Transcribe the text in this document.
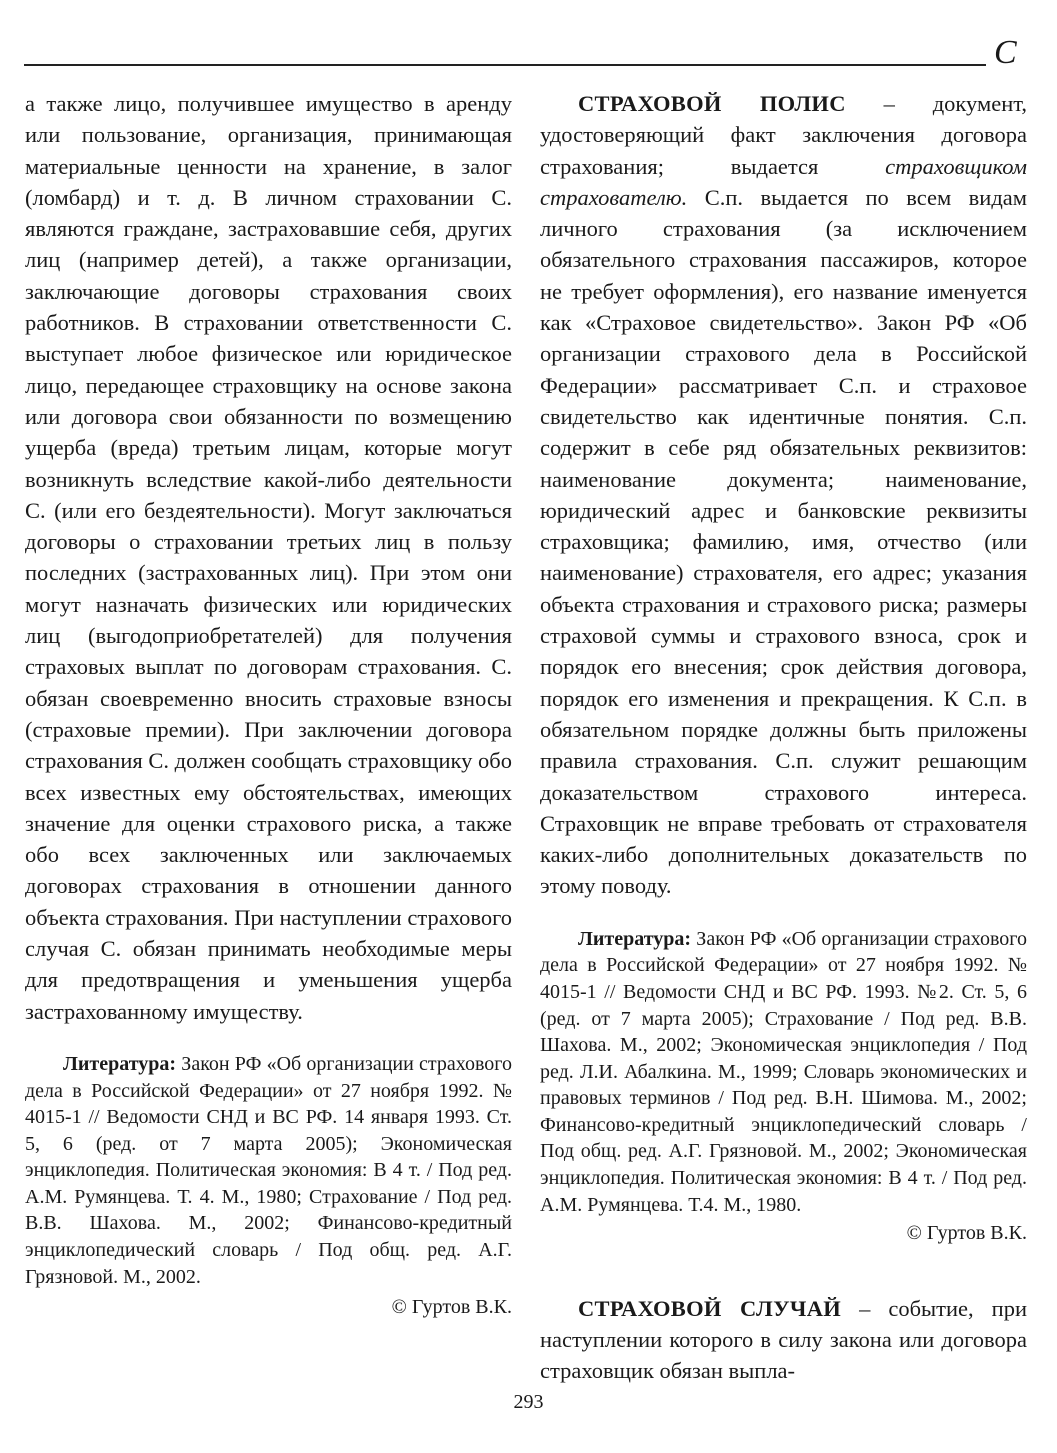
C

а также лицо, получившее имущество в аренду или пользование, организация, принимающая материальные ценности на хранение, в залог (ломбард) и т. д. В личном страховании С. являются граждане, застраховавшие себя, других лиц (например детей), а также организации, заключающие договоры страхования своих работников. В страховании ответственности С. выступает любое физическое или юридическое лицо, передающее страховщику на основе закона или договора свои обязанности по возмещению ущерба (вреда) третьим лицам, которые могут возникнуть вследствие какой-либо деятельности С. (или его бездеятельности). Могут заключаться договоры о страховании третьих лиц в пользу последних (застрахованных лиц). При этом они могут назначать физических или юридических лиц (выгодоприобретателей) для получения страховых выплат по договорам страхования. С. обязан своевременно вносить страховые взносы (страховые премии). При заключении договора страхования С. должен сообщать страховщику обо всех известных ему обстоятельствах, имеющих значение для оценки страхового риска, а также обо всех заключенных или заключаемых договорах страхования в отношении данного объекта страхования. При наступлении страхового случая С. обязан принимать необходимые меры для предотвращения и уменьшения ущерба застрахованному имуществу.

Литература: Закон РФ «Об организации страхового дела в Российской Федерации» от 27 ноября 1992. № 4015-1 // Ведомости СНД и ВС РФ. 14 января 1993. Ст. 5, 6 (ред. от 7 марта 2005); Экономическая энциклопедия. Политическая экономия: В 4 т. / Под ред. А.М. Румянцева. Т. 4. М., 1980; Страхование / Под ред. В.В. Шахова. М., 2002; Финансово-кредитный энциклопедический словарь / Под общ. ред. А.Г. Грязновой. М., 2002.

© Гуртов В.К.

СТРАХОВОЙ ПОЛИС – документ, удостоверяющий факт заключения договора страхования; выдается страховщиком страхователю. С.п. выдается по всем видам личного страхования (за исключением обязательного страхования пассажиров, которое не требует оформления), его название именуется как «Страховое свидетельство». Закон РФ «Об организации страхового дела в Российской Федерации» рассматривает С.п. и страховое свидетельство как идентичные понятия. С.п. содержит в себе ряд обязательных реквизитов: наименование документа; наименование, юридический адрес и банковские реквизиты страховщика; фамилию, имя, отчество (или наименование) страхователя, его адрес; указания объекта страхования и страхового риска; размеры страховой суммы и страхового взноса, срок и порядок его внесения; срок действия договора, порядок его изменения и прекращения. К С.п. в обязательном порядке должны быть приложены правила страхования. С.п. служит решающим доказательством страхового интереса. Страховщик не вправе требовать от страхователя каких-либо дополнительных доказательств по этому поводу.

Литература: Закон РФ «Об организации страхового дела в Российской Федерации» от 27 ноября 1992. № 4015-1 // Ведомости СНД и ВС РФ. 1993. №2. Ст. 5, 6 (ред. от 7 марта 2005); Страхование / Под ред. В.В. Шахова. М., 2002; Экономическая энциклопедия / Под ред. Л.И. Абалкина. М., 1999; Словарь экономических и правовых терминов / Под ред. В.Н. Шимова. М., 2002; Финансово-кредитный энциклопедический словарь / Под общ. ред. А.Г. Грязновой. М., 2002; Экономическая энциклопедия. Политическая экономия: В 4 т. / Под ред. А.М. Румянцева. Т.4. М., 1980.

© Гуртов В.К.

СТРАХОВОЙ СЛУЧАЙ – событие, при наступлении которого в силу закона или договора страховщик обязан выпла-

293
